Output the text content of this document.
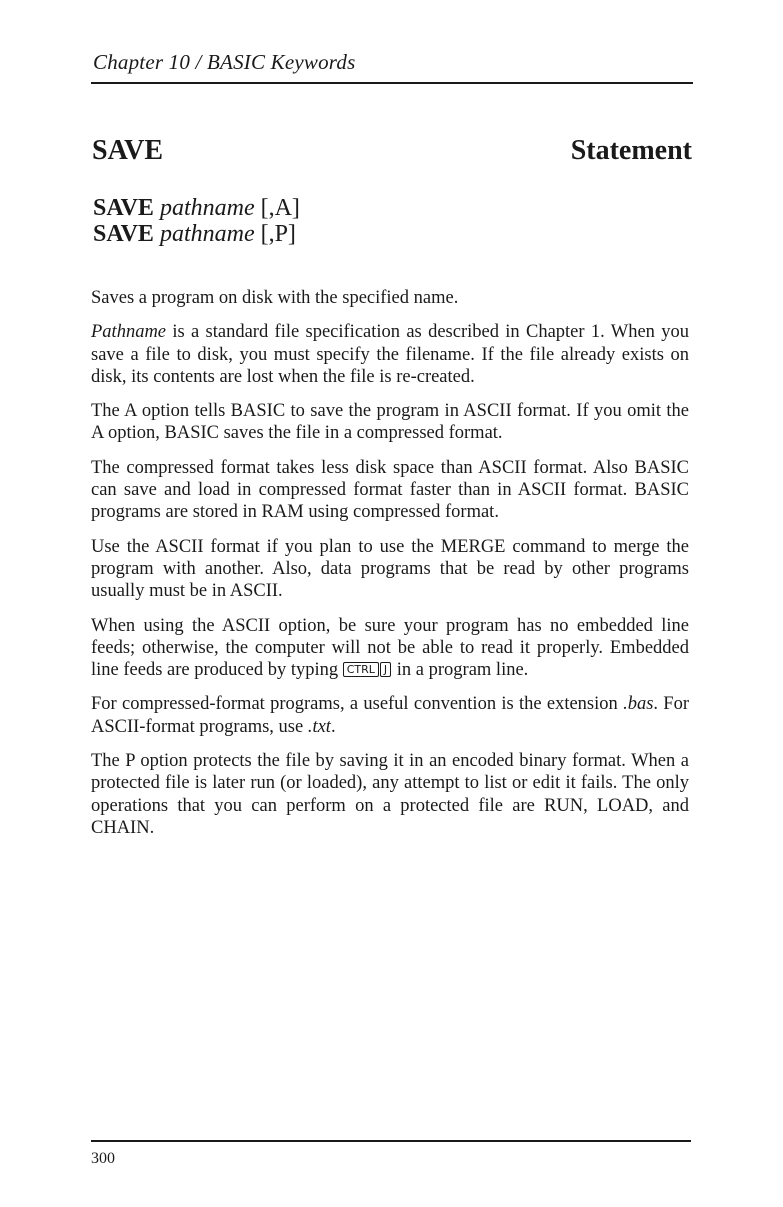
Chapter 10 / BASIC Keywords
SAVE	Statement
SAVE pathname [,A]
SAVE pathname [,P]

Saves a program on disk with the specified name.

Pathname is a standard file specification as described in Chapter 1. When you save a file to disk, you must specify the filename. If the file already exists on disk, its contents are lost when the file is re-created.

The A option tells BASIC to save the program in ASCII format. If you omit the A option, BASIC saves the file in a compressed format.

The compressed format takes less disk space than ASCII format. Also BASIC can save and load in compressed format faster than in ASCII format. BASIC programs are stored in RAM using compressed format.

Use the ASCII format if you plan to use the MERGE command to merge the program with another. Also, data programs that be read by other programs usually must be in ASCII.

When using the ASCII option, be sure your program has no embedded line feeds; otherwise, the computer will not be able to read it properly. Embedded line feeds are produced by typing CTRL J in a program line.

For compressed-format programs, a useful convention is the extension .bas. For ASCII-format programs, use .txt.

The P option protects the file by saving it in an encoded binary format. When a protected file is later run (or loaded), any attempt to list or edit it fails. The only operations that you can perform on a protected file are RUN, LOAD, and CHAIN.

300
